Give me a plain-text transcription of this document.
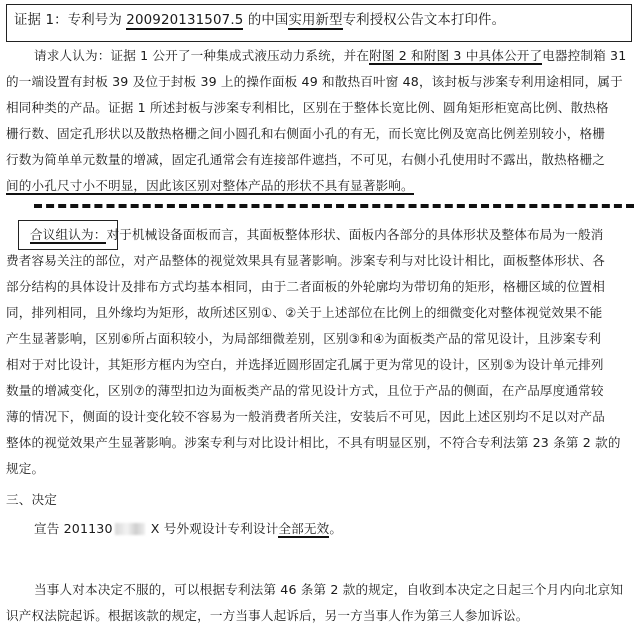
证据 1：专利号为 200920131507.5 的中国实用新型专利授权公告文本打印件。
请求人认为：证据 1 公开了一种集成式液压动力系统，并在附图 2 和附图 3 中具体公开了电器控制箱 31
的一端设置有封板 39 及位于封板 39 上的操作面板 49 和散热百叶窗 48，该封板与涉案专利用途相同，属于
相同种类的产品。证据 1 所述封板与涉案专利相比，区别在于整体长宽比例、圆角矩形柜宽高比例、散热格
栅行数、固定孔形状以及散热格栅之间小圆孔和右侧面小孔的有无，而长宽比例及宽高比例差别较小，格栅
行数为简单单元数量的增减，固定孔通常会有连接部件遮挡，不可见，右侧小孔使用时不露出，散热格栅之
间的小孔尺寸小不明显，因此该区别对整体产品的形状不具有显著影响。
合议组认为：对于机械设备面板而言，其面板整体形状、面板内各部分的具体形状及整体布局为一般消
费者容易关注的部位，对产品整体的视觉效果具有显著影响。涉案专利与对比设计相比，面板整体形状、各
部分结构的具体设计及排布方式均基本相同，由于二者面板的外轮廓均为带切角的矩形，格栅区域的位置相
同，排列相同，且外缘均为矩形，故所述区别①、②关于上述部位在比例上的细微变化对整体视觉效果不能
产生显著影响，区别⑥所占面积较小，为局部细微差别，区别③和④为面板类产品的常见设计，且涉案专利
相对于对比设计，其矩形方框内为空白，并选择近圆形固定孔属于更为常见的设计，区别⑤为设计单元排列
数量的增减变化，区别⑦的薄型扣边为面板类产品的常见设计方式，且位于产品的侧面，在产品厚度通常较
薄的情况下，侧面的设计变化较不容易为一般消费者所关注，安装后不可见，因此上述区别均不足以对产品
整体的视觉效果产生显著影响。涉案专利与对比设计相比，不具有明显区别，不符合专利法第 23 条第 2 款的
规定。
三、决定
宣告 201130	X 号外观设计专利设计全部无效。
当事人对本决定不服的，可以根据专利法第 46 条第 2 款的规定，自收到本决定之日起三个月内向北京知
识产权法院起诉。根据该款的规定，一方当事人起诉后，另一方当事人作为第三人参加诉讼。
